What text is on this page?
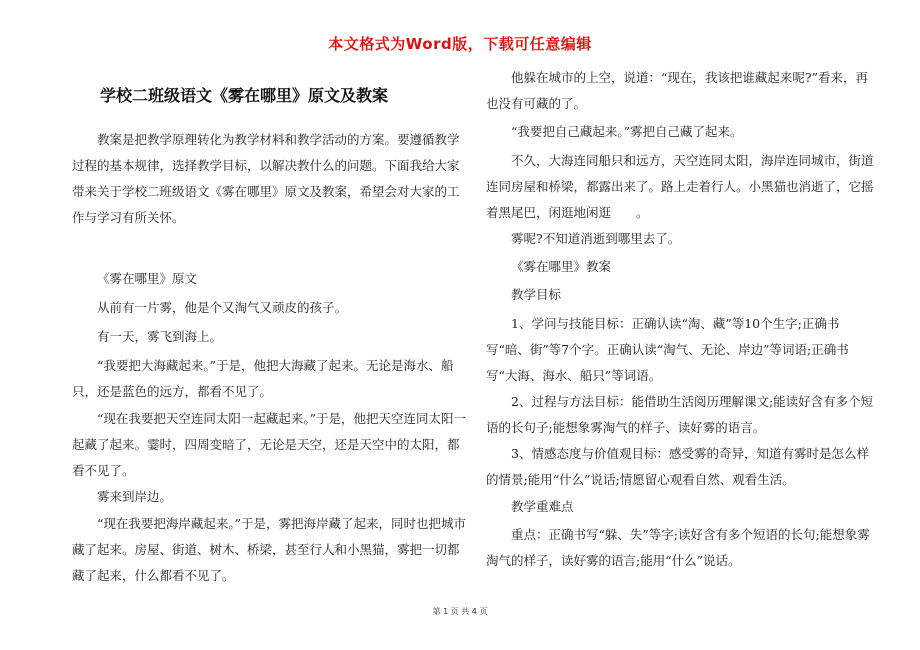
本文格式为Word版，下载可任意编辑
学校二班级语文《雾在哪里》原文及教案

教案是把教学原理转化为教学材料和教学活动的方案。要遵循教学过程的基本规律，选择教学目标，以解决教什么的问题。下面我给大家带来关于学校二班级语文《雾在哪里》原文及教案，希望会对大家的工作与学习有所关怀。

《雾在哪里》原文

从前有一片雾，他是个又淘气又顽皮的孩子。

有一天，雾飞到海上。

“我要把大海藏起来。”于是，他把大海藏了起来。无论是海水、船只，还是蓝色的远方，都看不见了。

“现在我要把天空连同太阳一起藏起来。”于是，他把天空连同太阳一起藏了起来。霎时，四周变暗了，无论是天空，还是天空中的太阳，都看不见了。

雾来到岸边。

“现在我要把海岸藏起来。”于是，雾把海岸藏了起来，同时也把城市藏了起来。房屋、街道、树木、桥梁，甚至行人和小黑猫，雾把一切都藏了起来，什么都看不见了。

他躲在城市的上空，说道：“现在，我该把谁藏起来呢?”看来，再也没有可藏的了。

“我要把自己藏起来。”雾把自己藏了起来。

不久，大海连同船只和远方，天空连同太阳，海岸连同城市，街道连同房屋和桥梁，都露出来了。路上走着行人。小黑猫也消逝了，它摇着黑尾巴，闲逛地闲逛　　。

雾呢?不知道消逝到哪里去了。

《雾在哪里》教案

教学目标

1、学问与技能目标：正确认读“淘、藏”等10个生字;正确书写“暗、街”等7个字。正确认读“淘气、无论、岸边”等词语;正确书写“大海、海水、船只”等词语。

2、过程与方法目标：能借助生活阅历理解课文;能读好含有多个短语的长句子;能想象雾淘气的样子、读好雾的语言。

3、情感态度与价值观目标：感受雾的奇异，知道有雾时是怎么样的情景;能用“什么”说话;情愿留心观看自然、观看生活。

教学重难点

重点：正确书写“躲、失”等字;读好含有多个短语的长句;能想象雾淘气的样子，读好雾的语言;能用“什么”说话。

第 1 页 共 4 页
